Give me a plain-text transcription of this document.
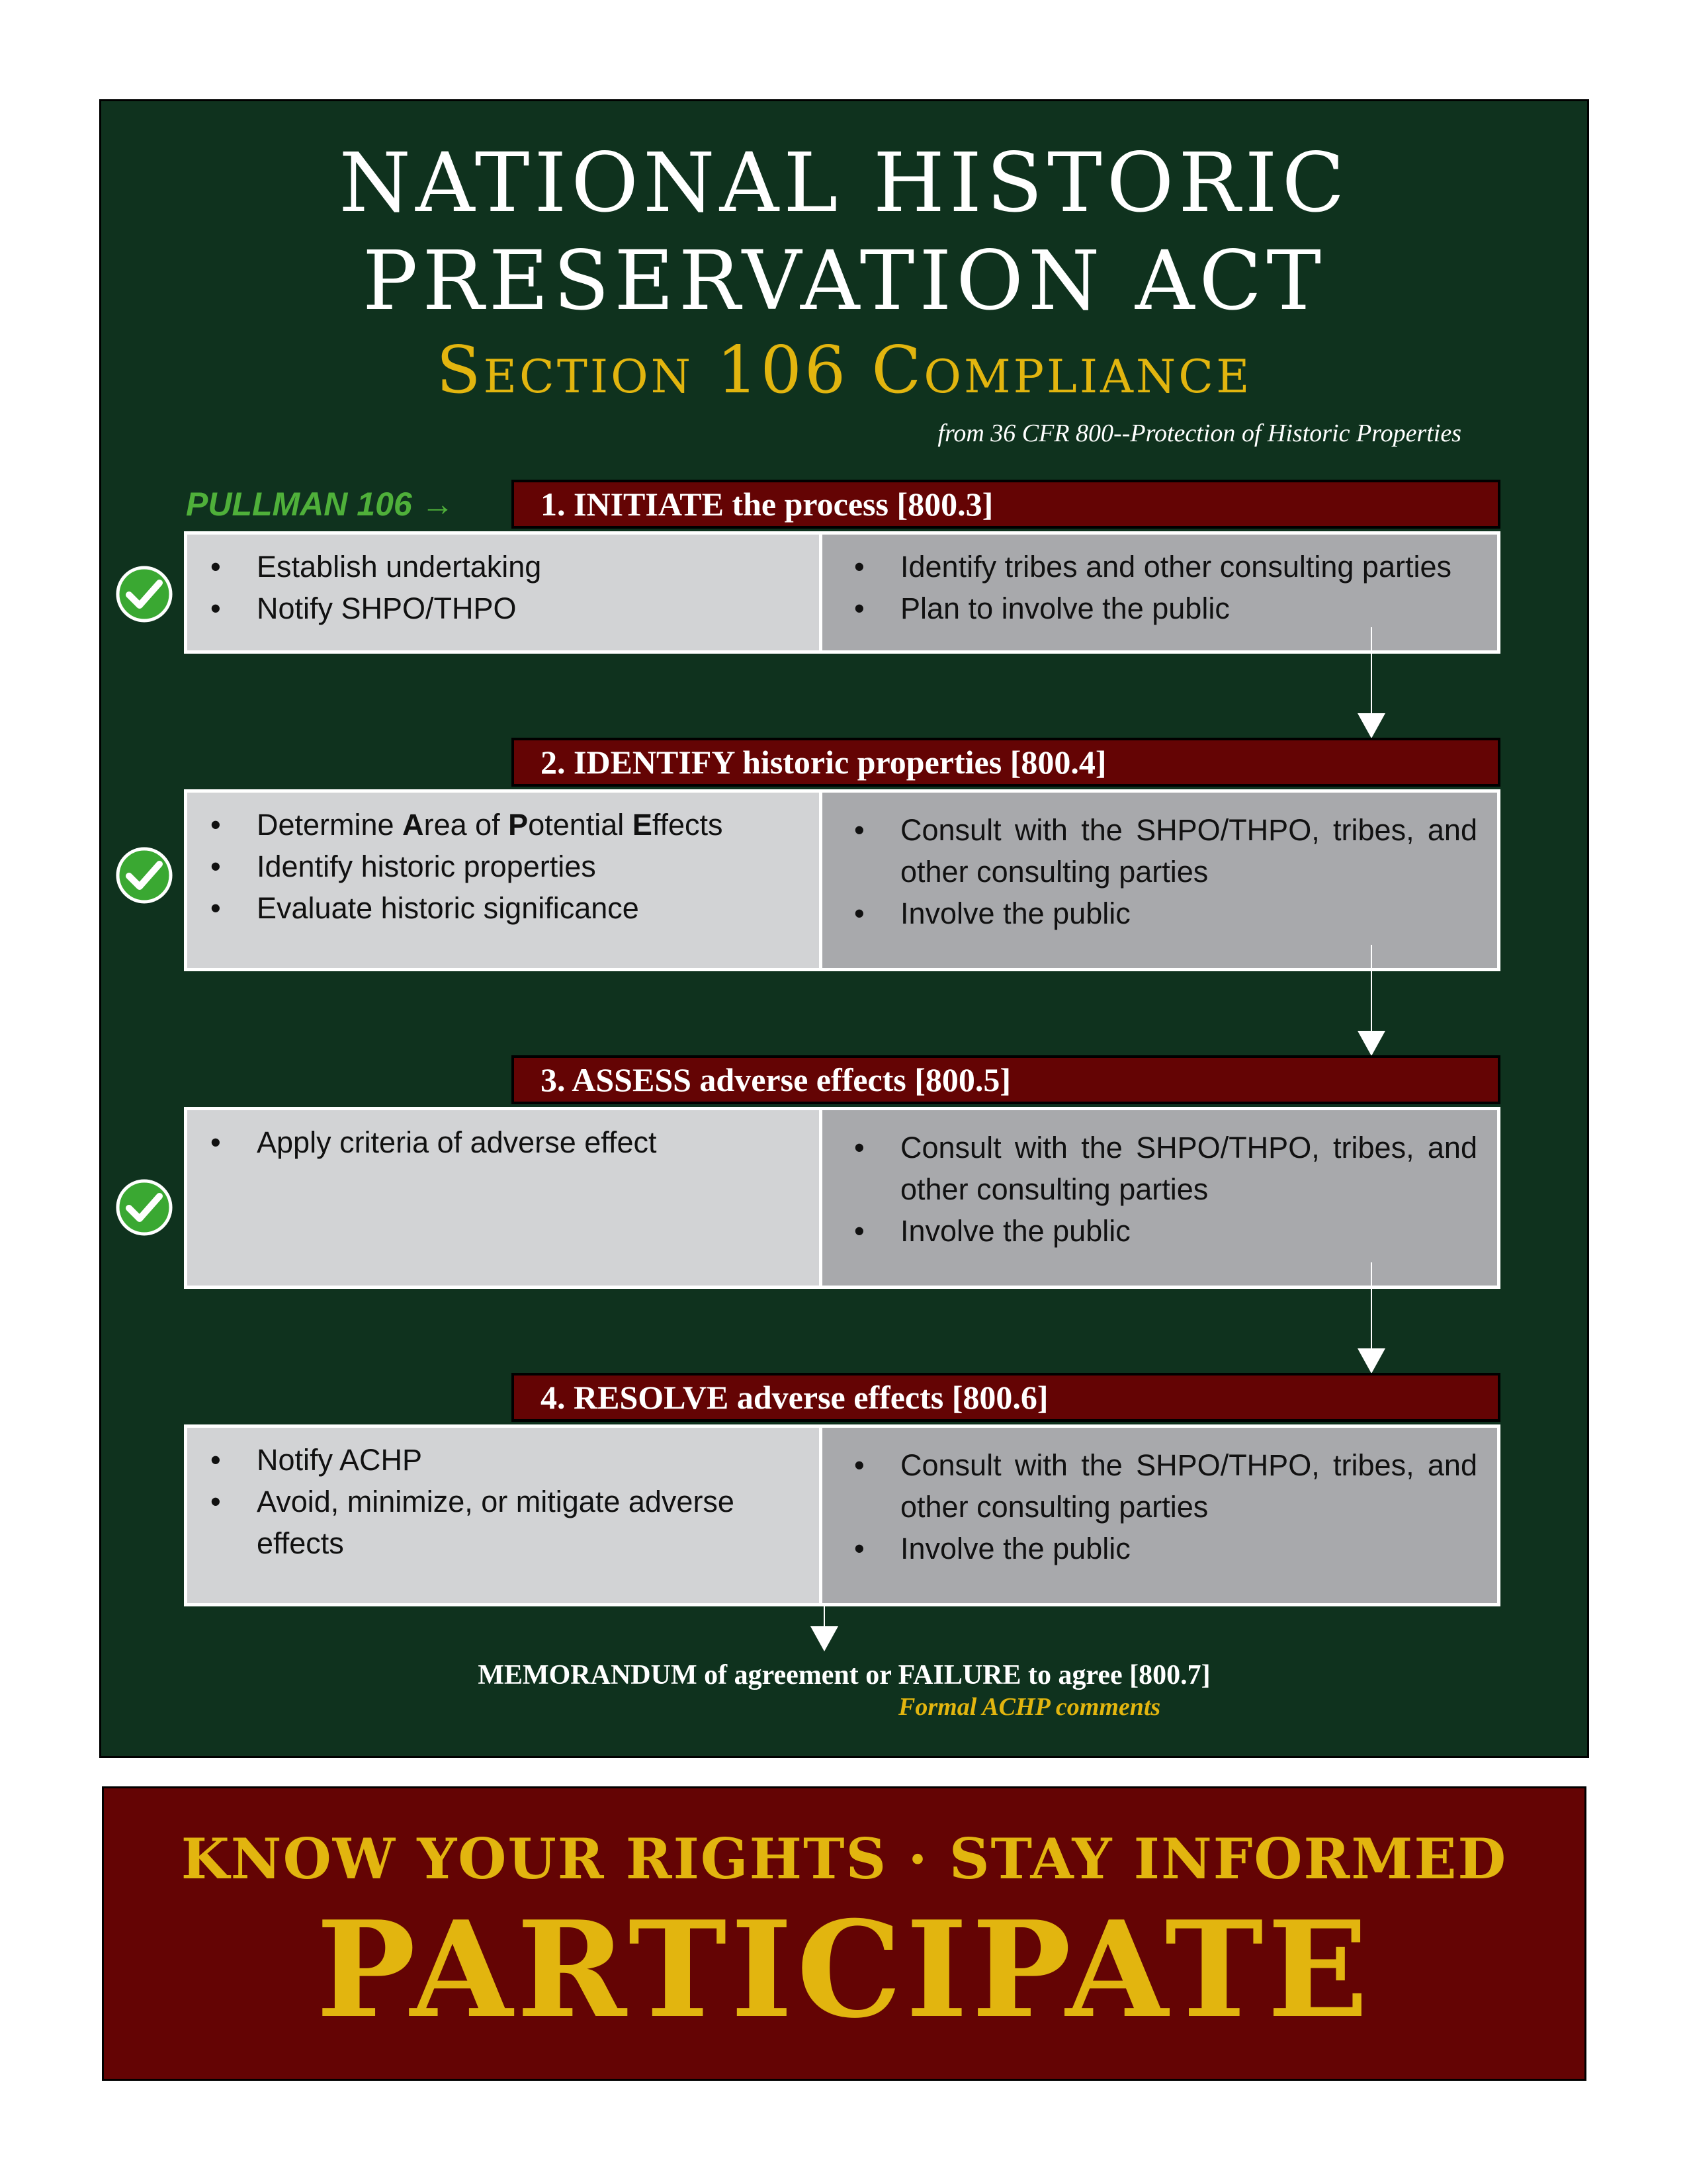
NATIONAL HISTORIC
PRESERVATION ACT
Section 106 Compliance
from 36 CFR 800--Protection of Historic Properties
PULLMAN 106 →	1. INITIATE the process [800.3]
• Establish undertaking
• Notify SHPO/THPO
• Identify tribes and other consulting parties
• Plan to involve the public
2. IDENTIFY historic properties [800.4]
• Determine Area of Potential Effects
• Identify historic properties
• Evaluate historic significance
• Consult with the SHPO/THPO, tribes, and other consulting parties
• Involve the public
3. ASSESS adverse effects [800.5]
• Apply criteria of adverse effect
•	Consult with the SHPO/THPO, tribes, and other consulting parties
• Involve the public
4. RESOLVE adverse effects [800.6]
• Notify ACHP
• Avoid, minimize, or mitigate adverse effects
• Consult with the SHPO/THPO, tribes, and other consulting parties
• Involve the public
MEMORANDUM of agreement or FAILURE to agree [800.7]
Formal ACHP comments
KNOW YOUR RIGHTS · STAY INFORMED
PARTICIPATE
